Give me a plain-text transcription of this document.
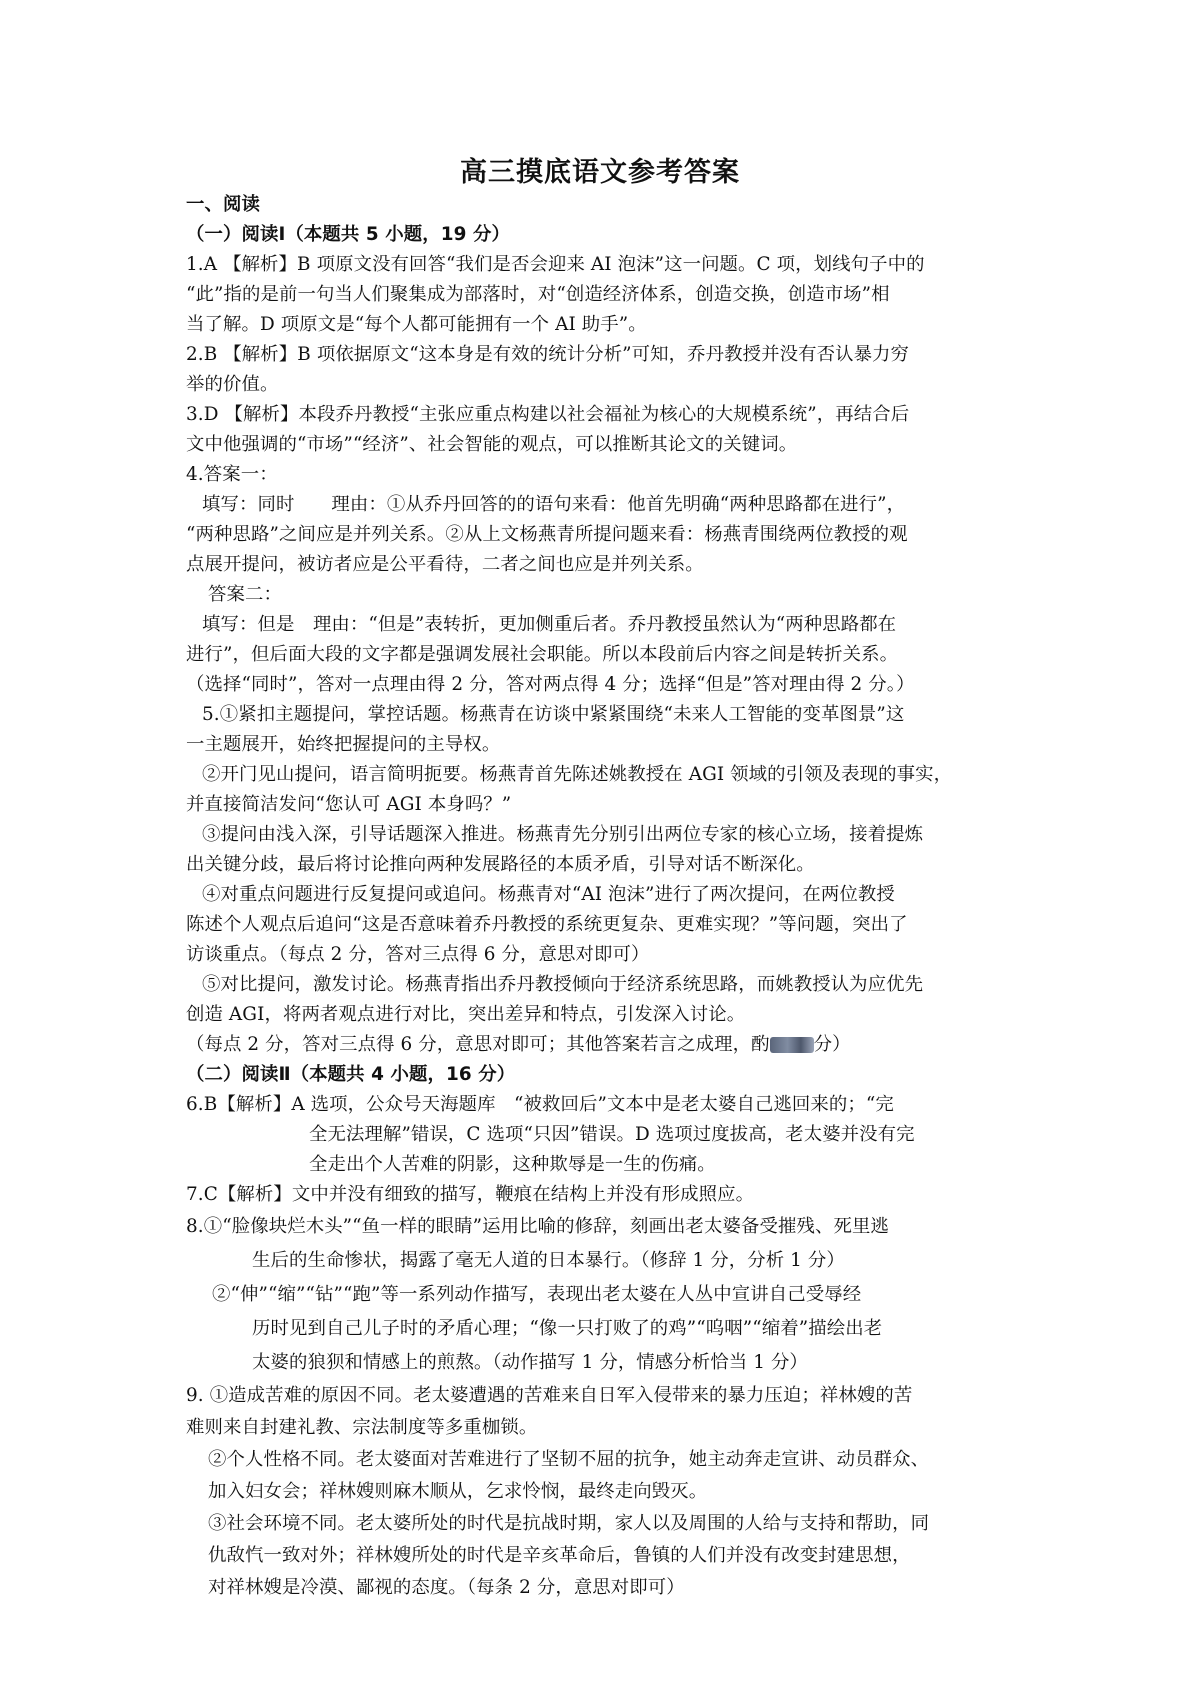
高三摸底语文参考答案
一、阅读
（一）阅读Ⅰ（本题共 5 小题，19 分）
1.A 【解析】B 项原文没有回答“我们是否会迎来 AI 泡沫”这一问题。C 项，划线句子中的
“此”指的是前一句当人们聚集成为部落时，对“创造经济体系，创造交换，创造市场”相
当了解。D 项原文是“每个人都可能拥有一个 AI 助手”。
2.B 【解析】B 项依据原文“这本身是有效的统计分析”可知，乔丹教授并没有否认暴力穷
举的价值。
3.D 【解析】本段乔丹教授“主张应重点构建以社会福祉为核心的大规模系统”，再结合后
文中他强调的“市场”“经济”、社会智能的观点，可以推断其论文的关键词。
4.答案一：
填写：同时　　理由：①从乔丹回答的的语句来看：他首先明确“两种思路都在进行”，
“两种思路”之间应是并列关系。②从上文杨燕青所提问题来看：杨燕青围绕两位教授的观
点展开提问，被访者应是公平看待，二者之间也应是并列关系。
答案二：
填写：但是　理由：“但是”表转折，更加侧重后者。乔丹教授虽然认为“两种思路都在
进行”，但后面大段的文字都是强调发展社会职能。所以本段前后内容之间是转折关系。
（选择“同时”，答对一点理由得 2 分，答对两点得 4 分；选择“但是”答对理由得 2 分。）
5.①紧扣主题提问，掌控话题。杨燕青在访谈中紧紧围绕“未来人工智能的变革图景”这
一主题展开，始终把握提问的主导权。
②开门见山提问，语言简明扼要。杨燕青首先陈述姚教授在 AGI 领域的引领及表现的事实，
并直接简洁发问“您认可 AGI 本身吗？”
③提问由浅入深，引导话题深入推进。杨燕青先分别引出两位专家的核心立场，接着提炼
出关键分歧，最后将讨论推向两种发展路径的本质矛盾，引导对话不断深化。
④对重点问题进行反复提问或追问。杨燕青对“AI 泡沫”进行了两次提问，在两位教授
陈述个人观点后追问“这是否意味着乔丹教授的系统更复杂、更难实现？”等问题，突出了
访谈重点。（每点 2 分，答对三点得 6 分，意思对即可）
⑤对比提问，激发讨论。杨燕青指出乔丹教授倾向于经济系统思路，而姚教授认为应优先
创造 AGI，将两者观点进行对比，突出差异和特点，引发深入讨论。
（每点 2 分，答对三点得 6 分，意思对即可；其他答案若言之成理，酌 分）
（二）阅读Ⅱ（本题共 4 小题，16 分）
6.B【解析】A 选项，公众号天海题库　“被救回后”文本中是老太婆自己逃回来的；“完
全无法理解”错误，C 选项“只因”错误。D 选项过度拔高，老太婆并没有完
全走出个人苦难的阴影，这种欺辱是一生的伤痛。
7.C【解析】文中并没有细致的描写，鞭痕在结构上并没有形成照应。
8.①“脸像块烂木头”“鱼一样的眼睛”运用比喻的修辞，刻画出老太婆备受摧残、死里逃
生后的生命惨状，揭露了毫无人道的日本暴行。（修辞 1 分，分析 1 分）
②“伸”“缩”“钻”“跑”等一系列动作描写，表现出老太婆在人丛中宣讲自己受辱经
历时见到自己儿子时的矛盾心理；“像一只打败了的鸡”“呜咽”“缩着”描绘出老
太婆的狼狈和情感上的煎熬。（动作描写 1 分，情感分析恰当 1 分）
9. ①造成苦难的原因不同。老太婆遭遇的苦难来自日军入侵带来的暴力压迫；祥林嫂的苦
难则来自封建礼教、宗法制度等多重枷锁。
②个人性格不同。老太婆面对苦难进行了坚韧不屈的抗争，她主动奔走宣讲、动员群众、
加入妇女会；祥林嫂则麻木顺从，乞求怜悯，最终走向毁灭。
③社会环境不同。老太婆所处的时代是抗战时期，家人以及周围的人给与支持和帮助，同
仇敌忾一致对外；祥林嫂所处的时代是辛亥革命后，鲁镇的人们并没有改变封建思想，
对祥林嫂是冷漠、鄙视的态度。（每条 2 分，意思对即可）
